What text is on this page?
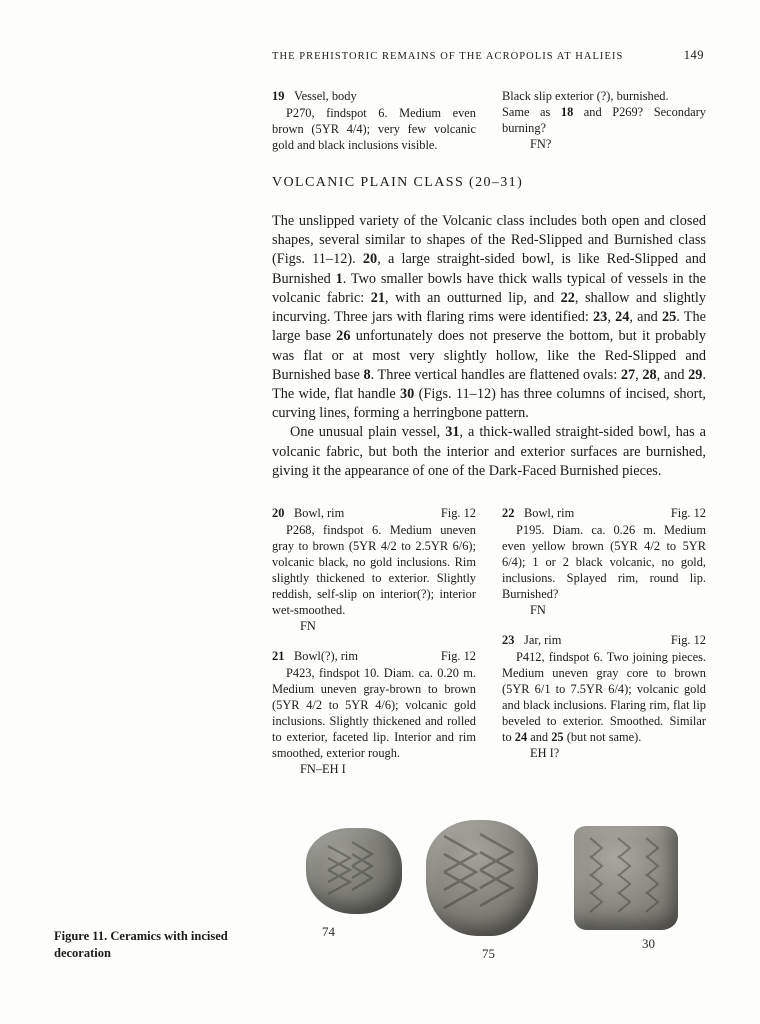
THE PREHISTORIC REMAINS OF THE ACROPOLIS AT HALIEIS	149
19 Vessel, body
P270, findspot 6. Medium even brown (5YR 4/4); very few volcanic gold and black inclusions visible.
Black slip exterior (?), burnished.
Same as 18 and P269? Secondary burning?
FN?
VOLCANIC PLAIN CLASS (20–31)

The unslipped variety of the Volcanic class includes both open and closed shapes, several similar to shapes of the Red-Slipped and Burnished class (Figs. 11–12). 20, a large straight-sided bowl, is like Red-Slipped and Burnished 1. Two smaller bowls have thick walls typical of vessels in the volcanic fabric: 21, with an outturned lip, and 22, shallow and slightly incurving. Three jars with flaring rims were identified: 23, 24, and 25. The large base 26 unfortunately does not preserve the bottom, but it probably was flat or at most very slightly hollow, like the Red-Slipped and Burnished base 8. Three vertical handles are flattened ovals: 27, 28, and 29. The wide, flat handle 30 (Figs. 11–12) has three columns of incised, short, curving lines, forming a herringbone pattern.

One unusual plain vessel, 31, a thick-walled straight-sided bowl, has a volcanic fabric, but both the interior and exterior surfaces are burnished, giving it the appearance of one of the Dark-Faced Burnished pieces.

20 Bowl, rim	Fig. 12
P268, findspot 6. Medium uneven gray to brown (5YR 4/2 to 2.5YR 6/6); volcanic black, no gold inclusions. Rim slightly thickened to exterior. Slightly reddish, self-slip on interior(?); interior wet-smoothed.
FN
21 Bowl(?), rim	Fig. 12
P423, findspot 10. Diam. ca. 0.20 m. Medium uneven gray-brown to brown (5YR 4/2 to 5YR 4/6); volcanic gold inclusions. Slightly thickened and rolled to exterior, faceted lip. Interior and rim smoothed, exterior rough.
FN–EH I
22 Bowl, rim	Fig. 12
P195. Diam. ca. 0.26 m. Medium even yellow brown (5YR 4/2 to 5YR 6/4); 1 or 2 black volcanic, no gold, inclusions. Splayed rim, round lip. Burnished?
FN
23 Jar, rim	Fig. 12
P412, findspot 6. Two joining pieces. Medium uneven gray core to brown (5YR 6/1 to 7.5YR 6/4); volcanic gold and black inclusions. Flaring rim, flat lip beveled to exterior. Smoothed. Similar to 24 and 25 (but not same).
EH I?
74
75
30
Figure 11. Ceramics with incised decoration
